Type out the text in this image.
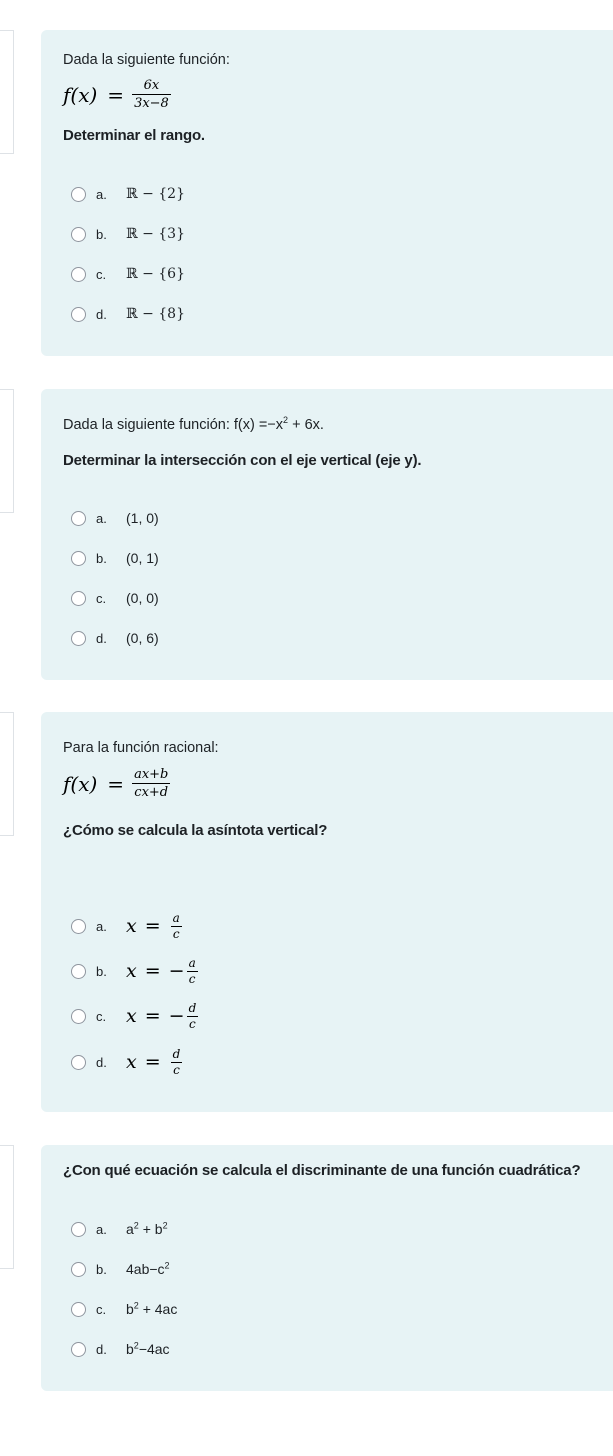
Dada la siguiente función:
$f(x) = \frac{6x}{3x-8}$
Determinar el rango.
a.	ℝ − {2}
b.	ℝ − {3}
c.	ℝ − {6}
d.	ℝ − {8}
Dada la siguiente función: $f(x) =-x^2 + 6x$.
Determinar la intersección con el eje vertical (eje y).
a.	(1, 0)
b.	(0, 1)
c.	(0, 0)
d.	(0, 6)
Para la función racional:
$f(x) = \frac{ax+b}{cx+d}$
¿Cómo se calcula la asíntota vertical?
a.	$x = \frac{a}{c}$
b.	x = − $\frac{a}{c}$
c.	x = − $\frac{d}{c}$
d.	$x = \frac{d}{c}$
¿Con qué ecuación se calcula el discriminante de una función cuadrática?
a.	$a^2 + b^2$
b.	$4ab-c^2$
c.	$b^2 + 4ac$
d.	$b^2-4ac$
